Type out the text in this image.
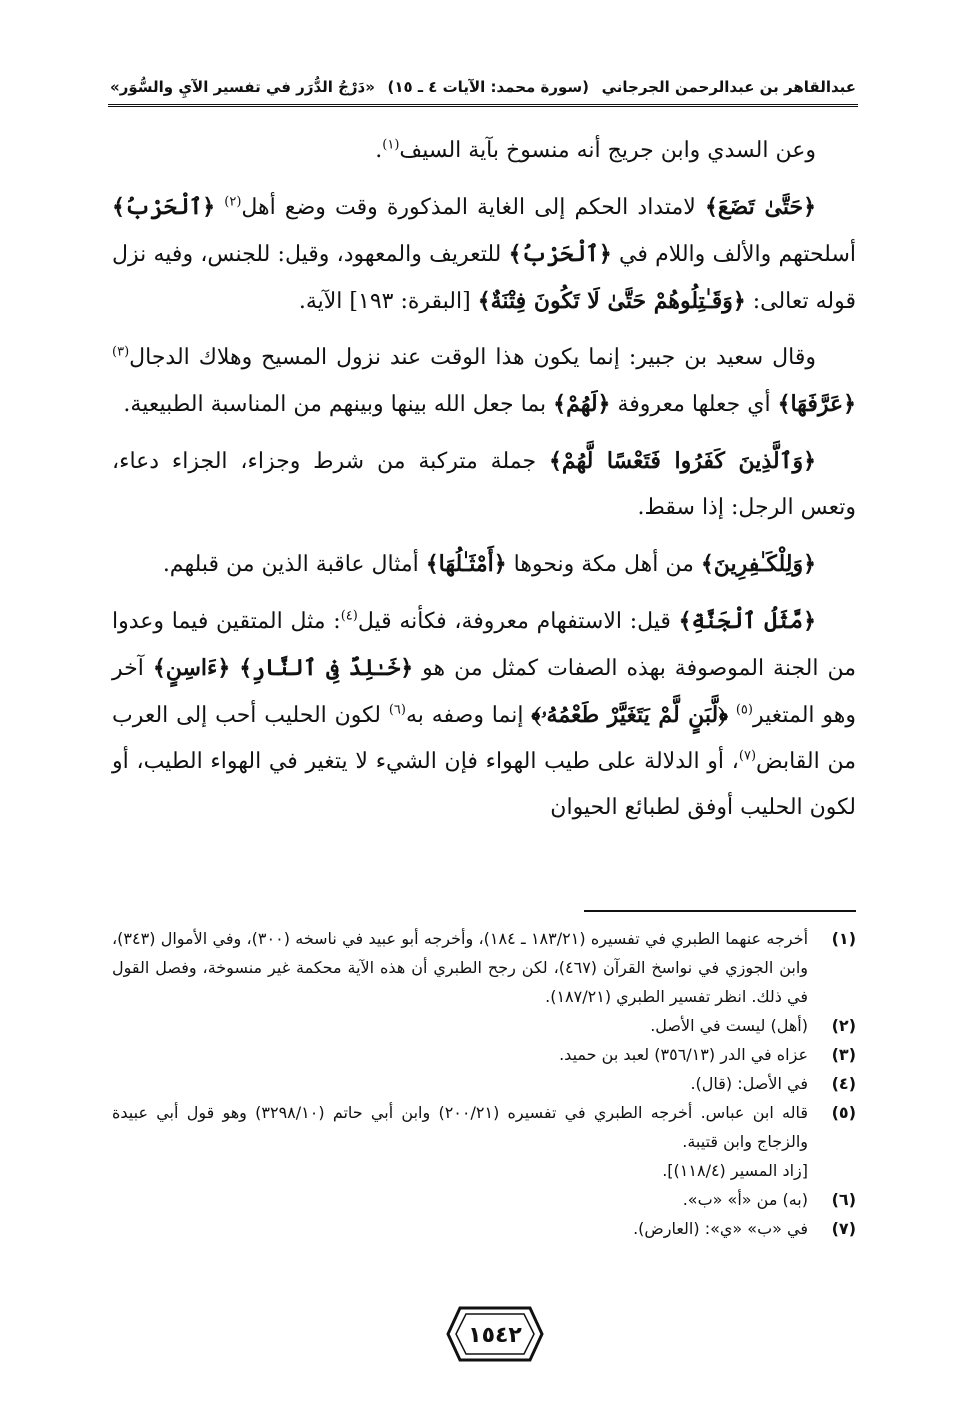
عبدالقاهر بن عبدالرحمن الجرجاني
(سورة محمد: الآيات ٤ ـ ١٥)
«دَرْجُ الدُّرَر في تفسير الآيِ والسُّوَر»

وعن السدي وابن جريج أنه منسوخ بآية السيف$^{(١)}$.

﴿حَتَّىٰ تَضَعَ﴾ لامتداد الحكم إلى الغاية المذكورة وقت وضع أهل$^{(٢)}$ ﴿ٱلْحَرْبُ﴾ أسلحتهم والألف واللام في ﴿ٱلْحَرْبُ﴾ للتعريف والمعهود، وقيل: للجنس، وفيه نزل قوله تعالى: ﴿وَقَـٰتِلُوهُمْ حَتَّىٰ لَا تَكُونَ فِتْنَةٌ﴾ [البقرة: ١٩٣] الآية.

وقال سعيد بن جبير: إنما يكون هذا الوقت عند نزول المسيح وهلاك الدجال$^{(٣)}$ ﴿عَرَّفَهَا﴾ أي جعلها معروفة ﴿لَهُمْ﴾ بما جعل الله بينها وبينهم من المناسبة الطبيعية.

﴿وَٱلَّذِينَ كَفَرُوا فَتَعْسًا لَّهُمْ﴾ جملة متركبة من شرط وجزاء، الجزاء دعاء، وتعس الرجل: إذا سقط.

﴿وَلِلْكَـٰفِرِينَ﴾ من أهل مكة ونحوها ﴿أَمْثَـٰلُهَا﴾ أمثال عاقبة الذين من قبلهم.

﴿مَّثَلُ ٱلْجَنَّةِ﴾ قيل: الاستفهام معروفة، فكأنه قيل$^{(٤)}$: مثل المتقين فيما وعدوا من الجنة الموصوفة بهذه الصفات كمثل من هو ﴿خَـٰلِدٌ فِى ٱلنَّارِ﴾ ﴿ءَاسِنٍ﴾ آخر وهو المتغير$^{(٥)}$ ﴿لَّبَنٍ لَّمْ يَتَغَيَّرْ طَعْمُهُۥ﴾ إنما وصفه به$^{(٦)}$ لكون الحليب أحب إلى العرب من القابض$^{(٧)}$، أو الدلالة على طيب الهواء فإن الشيء لا يتغير في الهواء الطيب، أو لكون الحليب أوفق لطبائع الحيوان

(١)
أخرجه عنهما الطبري في تفسيره (١٨٣/٢١ ـ ١٨٤)، وأخرجه أبو عبيد في ناسخه (٣٠٠)، وفي الأموال (٣٤٣)، وابن الجوزي في نواسخ القرآن (٤٦٧)، لكن رجح الطبري أن هذه الآية محكمة غير منسوخة، وفصل القول في ذلك. انظر تفسير الطبري (١٨٧/٢١).
(٢)
(أهل) ليست في الأصل.
(٣)
عزاه في الدر (٣٥٦/١٣) لعبد بن حميد.
(٤)
في الأصل: (قال).
(٥)
قاله ابن عباس. أخرجه الطبري في تفسيره (٢٠٠/٢١) وابن أبي حاتم (٣٢٩٨/١٠) وهو قول أبي عبيدة والزجاج وابن قتيبة.
[زاد المسير (١١٨/٤)].
(٦)
(به) من «أ» «ب».
(٧)
في «ب» «ي»: (العارض).
١٥٤٢
